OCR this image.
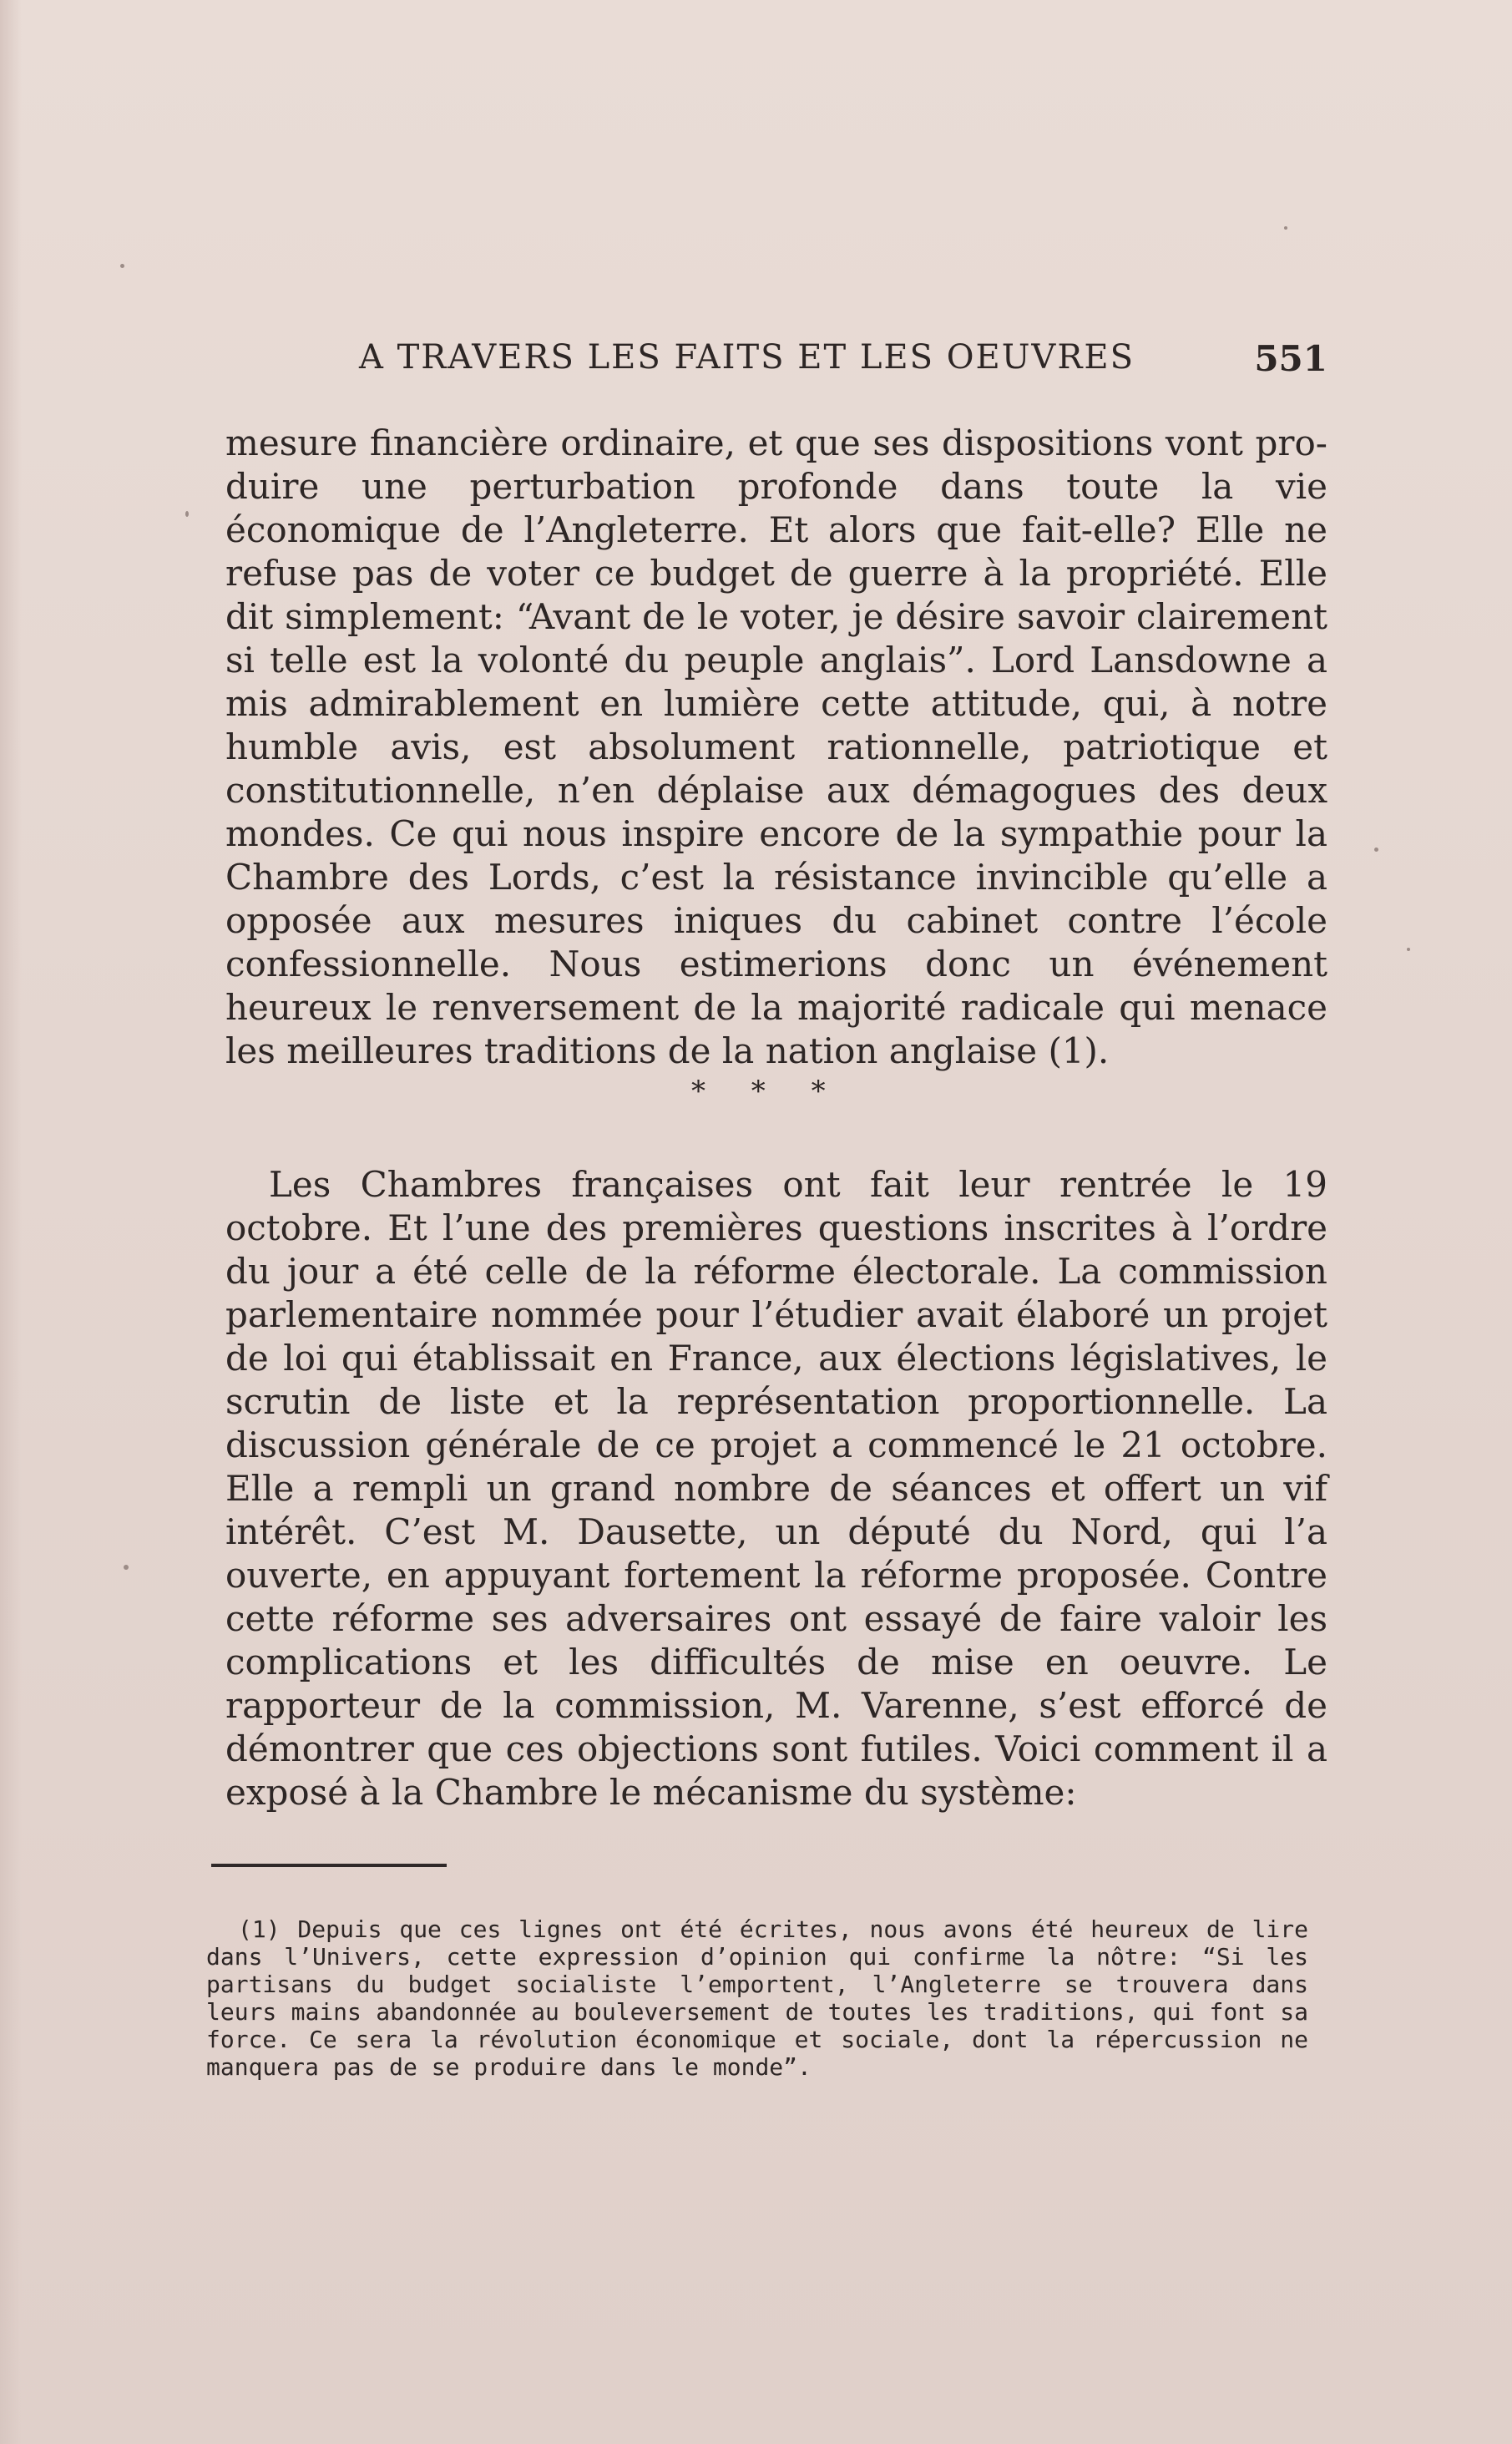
A TRAVERS LES FAITS ET LES OEUVRES	551

mesure financière ordinaire, et que ses dispositions vont produire une perturbation profonde dans toute la vie économique de l’Angleterre. Et alors que fait-elle? Elle ne refuse pas de voter ce budget de guerre à la propriété. Elle dit simplement: “Avant de le voter, je désire savoir clairement si telle est la volonté du peuple anglais”. Lord Lansdowne a mis admirablement en lumière cette attitude, qui, à notre humble avis, est absolument rationnelle, patriotique et constitutionnelle, n’en déplaise aux démagogues des deux mondes. Ce qui nous inspire encore de la sympathie pour la Chambre des Lords, c’est la résistance invincible qu’elle a opposée aux mesures iniques du cabinet contre l’école confessionnelle. Nous estimerions donc un événement heureux le renversement de la majorité radicale qui menace les meilleures traditions de la nation anglaise (1).

* * *

Les Chambres françaises ont fait leur rentrée le 19 octobre. Et l’une des premières questions inscrites à l’ordre du jour a été celle de la réforme électorale. La commission parlementaire nommée pour l’étudier avait élaboré un projet de loi qui établissait en France, aux élections législatives, le scrutin de liste et la représentation proportionnelle. La discussion générale de ce projet a commencé le 21 octobre. Elle a rempli un grand nombre de séances et offert un vif intérêt. C’est M. Dausette, un député du Nord, qui l’a ouverte, en appuyant fortement la réforme proposée. Contre cette réforme ses adversaires ont essayé de faire valoir les complications et les difficultés de mise en oeuvre. Le rapporteur de la commission, M. Varenne, s’est efforcé de démontrer que ces objections sont futiles. Voici comment il a exposé à la Chambre le mécanisme du système:

(1) Depuis que ces lignes ont été écrites, nous avons été heureux de lire dans l’Univers, cette expression d’opinion qui confirme la nôtre: “Si les partisans du budget socialiste l’emportent, l’Angleterre se trouvera dans leurs mains abandonnée au bouleversement de toutes les traditions, qui font sa force. Ce sera la révolution économique et sociale, dont la répercussion ne manquera pas de se produire dans le monde”.
